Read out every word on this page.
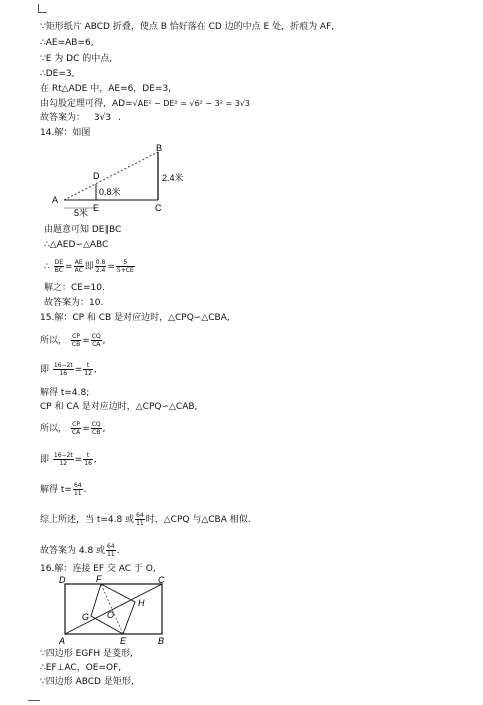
∵矩形纸片 ABCD 折叠，使点 B 恰好落在 CD 边的中点 E 处，折痕为 AF,
∴AE=AB=6,
∵E 为 DC 的中点,
∴DE=3,
在 Rt△ADE 中，AE=6，DE=3,
由勾股定理可得，AD=√AE² − DE² = √6² − 3² = 3√3
故答案为： 3√3 .
14.解：如图
B
D
A
E	C
2.4米
0.8米
5米
由题意可知 DE∥BC
∴△AED∽△ABC
∴ $\frac{DE}{BC} = \frac{AE}{AC}$ 即 $\frac{0.8}{2.4} = \frac{5}{5+CE}$
解之：CE=10.
故答案为：10.
15.解：CP 和 CB 是对应边时，△CPQ∽△CBA,
所以， $\frac{CP}{CB} = \frac{CQ}{CA}$ ,
即 $\frac{16-2t}{16} = \frac{t}{12}$ ,
解得 t=4.8;
CP 和 CA 是对应边时，△CPQ∽△CAB,
所以， $\frac{CP}{CA} = \frac{CQ}{CB}$ ,
即 $\frac{16-2t}{12} = \frac{t}{16}$ ,
解得 $t= \frac{64}{11}$ .
综上所述，当 t=4.8 或 $\frac{64}{11}$ 时，△CPQ 与△CBA 相似.
故答案为 4.8 或 $\frac{64}{11}$ .
16.解：连接 EF 交 AC 于 O,
D	F	C
G O
H
A	E	B
∵四边形 EGFH 是菱形,
∴EF⊥AC，OE=OF,
∵四边形 ABCD 是矩形,
